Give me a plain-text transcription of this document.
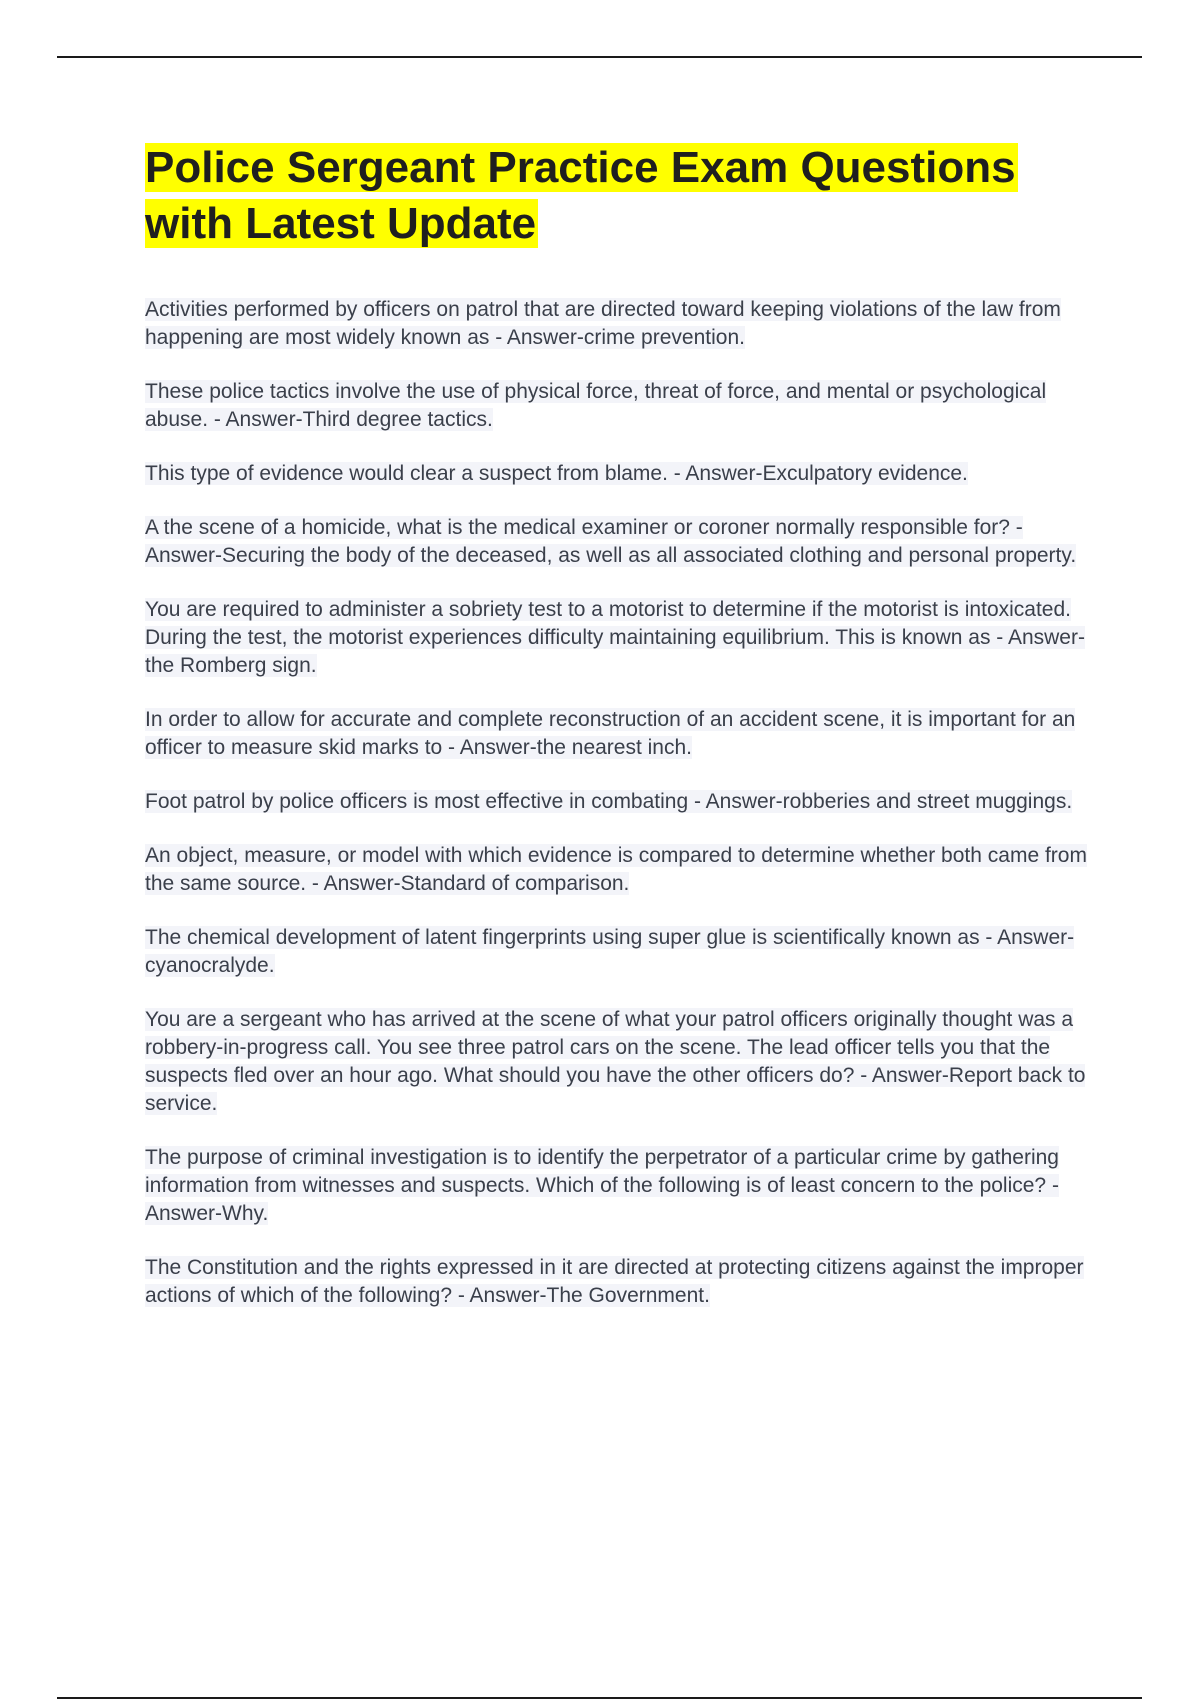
Police Sergeant Practice Exam Questions with Latest Update
Activities performed by officers on patrol that are directed toward keeping violations of the law from happening are most widely known as - Answer-crime prevention.
These police tactics involve the use of physical force, threat of force, and mental or psychological abuse. - Answer-Third degree tactics.
This type of evidence would clear a suspect from blame. - Answer-Exculpatory evidence.
A the scene of a homicide, what is the medical examiner or coroner normally responsible for? - Answer-Securing the body of the deceased, as well as all associated clothing and personal property.
You are required to administer a sobriety test to a motorist to determine if the motorist is intoxicated. During the test, the motorist experiences difficulty maintaining equilibrium. This is known as - Answer-the Romberg sign.
In order to allow for accurate and complete reconstruction of an accident scene, it is important for an officer to measure skid marks to - Answer-the nearest inch.
Foot patrol by police officers is most effective in combating - Answer-robberies and street muggings.
An object, measure, or model with which evidence is compared to determine whether both came from the same source. - Answer-Standard of comparison.
The chemical development of latent fingerprints using super glue is scientifically known as - Answer-cyanocralyde.
You are a sergeant who has arrived at the scene of what your patrol officers originally thought was a robbery-in-progress call. You see three patrol cars on the scene. The lead officer tells you that the suspects fled over an hour ago. What should you have the other officers do? - Answer-Report back to service.
The purpose of criminal investigation is to identify the perpetrator of a particular crime by gathering information from witnesses and suspects. Which of the following is of least concern to the police? - Answer-Why.
The Constitution and the rights expressed in it are directed at protecting citizens against the improper actions of which of the following? - Answer-The Government.
